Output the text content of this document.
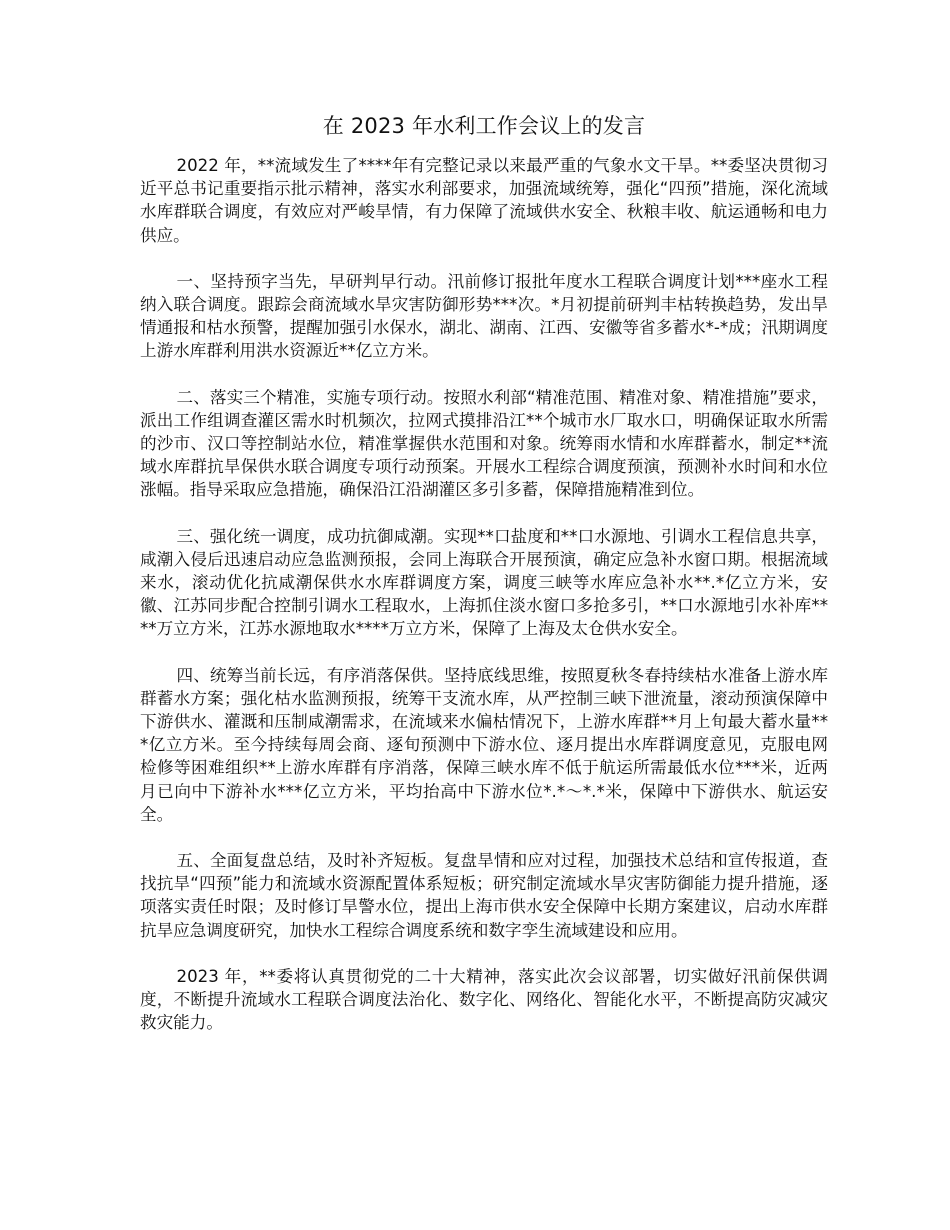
在 2023 年水利工作会议上的发言

2022 年，**流域发生了****年有完整记录以来最严重的气象水文干旱。**委坚决贯彻习近平总书记重要指示批示精神，落实水利部要求，加强流域统筹，强化“四预”措施，深化流域水库群联合调度，有效应对严峻旱情，有力保障了流域供水安全、秋粮丰收、航运通畅和电力供应。

一、坚持预字当先，早研判早行动。汛前修订报批年度水工程联合调度计划***座水工程纳入联合调度。跟踪会商流域水旱灾害防御形势***次。*月初提前研判丰枯转换趋势，发出旱情通报和枯水预警，提醒加强引水保水，湖北、湖南、江西、安徽等省多蓄水*-*成；汛期调度上游水库群利用洪水资源近**亿立方米。

二、落实三个精准，实施专项行动。按照水利部“精准范围、精准对象、精准措施”要求，派出工作组调查灌区需水时机频次，拉网式摸排沿江**个城市水厂取水口，明确保证取水所需的沙市、汉口等控制站水位，精准掌握供水范围和对象。统筹雨水情和水库群蓄水，制定**流域水库群抗旱保供水联合调度专项行动预案。开展水工程综合调度预演，预测补水时间和水位涨幅。指导采取应急措施，确保沿江沿湖灌区多引多蓄，保障措施精准到位。

三、强化统一调度，成功抗御咸潮。实现**口盐度和**口水源地、引调水工程信息共享，咸潮入侵后迅速启动应急监测预报，会同上海联合开展预演，确定应急补水窗口期。根据流域来水，滚动优化抗咸潮保供水水库群调度方案，调度三峡等水库应急补水**.*亿立方米，安徽、江苏同步配合控制引调水工程取水，上海抓住淡水窗口多抢多引，**口水源地引水补库****万立方米，江苏水源地取水****万立方米，保障了上海及太仓供水安全。

四、统筹当前长远，有序消落保供。坚持底线思维，按照夏秋冬春持续枯水准备上游水库群蓄水方案；强化枯水监测预报，统筹干支流水库，从严控制三峡下泄流量，滚动预演保障中下游供水、灌溉和压制咸潮需求，在流域来水偏枯情况下，上游水库群**月上旬最大蓄水量***亿立方米。至今持续每周会商、逐旬预测中下游水位、逐月提出水库群调度意见，克服电网检修等困难组织**上游水库群有序消落，保障三峡水库不低于航运所需最低水位***米，近两月已向中下游补水***亿立方米，平均抬高中下游水位*.*～*.*米，保障中下游供水、航运安全。

五、全面复盘总结，及时补齐短板。复盘旱情和应对过程，加强技术总结和宣传报道，查找抗旱“四预”能力和流域水资源配置体系短板；研究制定流域水旱灾害防御能力提升措施，逐项落实责任时限；及时修订旱警水位，提出上海市供水安全保障中长期方案建议，启动水库群抗旱应急调度研究，加快水工程综合调度系统和数字孪生流域建设和应用。

2023 年，**委将认真贯彻党的二十大精神，落实此次会议部署，切实做好汛前保供调度，不断提升流域水工程联合调度法治化、数字化、网络化、智能化水平，不断提高防灾减灾救灾能力。
